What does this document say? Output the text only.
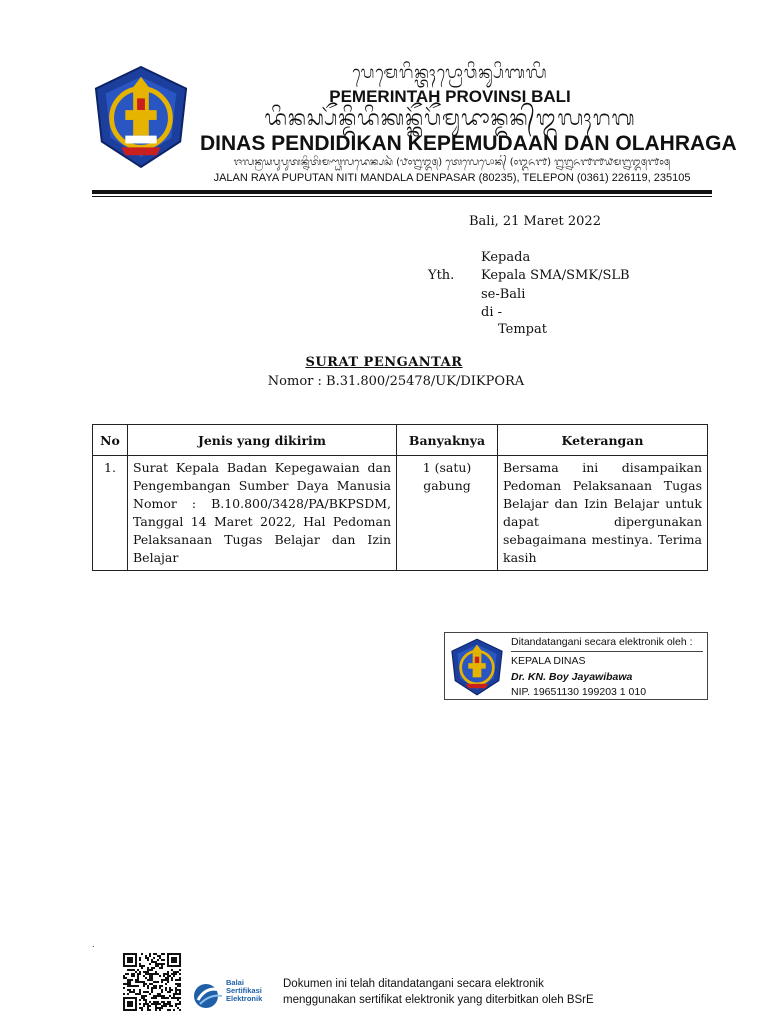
ᬧᬾᬫᬾᬭᬶᬦ᭄ᬢᬄᬧ᭄ᬭᭀᬯᬶᬦ᭄ᬲᬶᬩᬮᬶ
PEMERINTAH PROVINSI BALI
ᬤᬶᬦᬲ᭄ᬧᭂᬦ᭄ᬤᬶᬤᬶᬓᬦ᭄ᬓᭂᬧᭂᬫᬸᬤᬵᬦ᭄ᬤᬦ᭄ᬑᬮᬄᬭᬕ
DINAS PENDIDIKAN KEPEMUDAAN DAN OLAHRAGA
ᬚᬮᬦ᭄ᬭᬬᬧᬸᬧᬸᬢᬦ᭄ᬦᬶᬢᬶᬫᬡ᭄ᬟᬮᬤᬾᬦ᭄ᬧᬲᬃ (᭘᭐᭒᭓᭕) ᬢᬾᬮᬾᬧᭀᬦ᭄ (᭐᭓᭖᭑) ᭒᭒᭖᭑᭑᭙ᬫ᭒᭓᭕᭑᭐᭕
JALAN RAYA PUPUTAN NITI MANDALA DENPASAR (80235), TELEPON (0361) 226119, 235105
Bali, 21 Maret 2022
Kepada
Yth. Kepala SMA/SMK/SLB
se-Bali
di -
Tempat
SURAT PENGANTAR
Nomor : B.31.800/25478/UK/DIKPORA
No	Jenis yang dikirim	Banyaknya	Keterangan
1.	Surat Kepala Badan Kepegawaian dan Pengembangan Sumber Daya Manusia Nomor : B.10.800/3428/PA/BKPSDM, Tanggal 14 Maret 2022, Hal Pedoman Pelaksanaan Tugas Belajar dan Izin Belajar	1 (satu) gabung	Bersama ini disampaikan Pedoman Pelaksanaan Tugas Belajar dan Izin Belajar untuk dapat dipergunakan sebagaimana mestinya. Terima kasih
Ditandatangani secara elektronik oleh :
KEPALA DINAS
Dr. KN. Boy Jayawibawa
NIP. 19651130 199203 1 010
.
Balai
Sertifikasi
Elektronik
Dokumen ini telah ditandatangani secara elektronik
menggunakan sertifikat elektronik yang diterbitkan oleh BSrE
